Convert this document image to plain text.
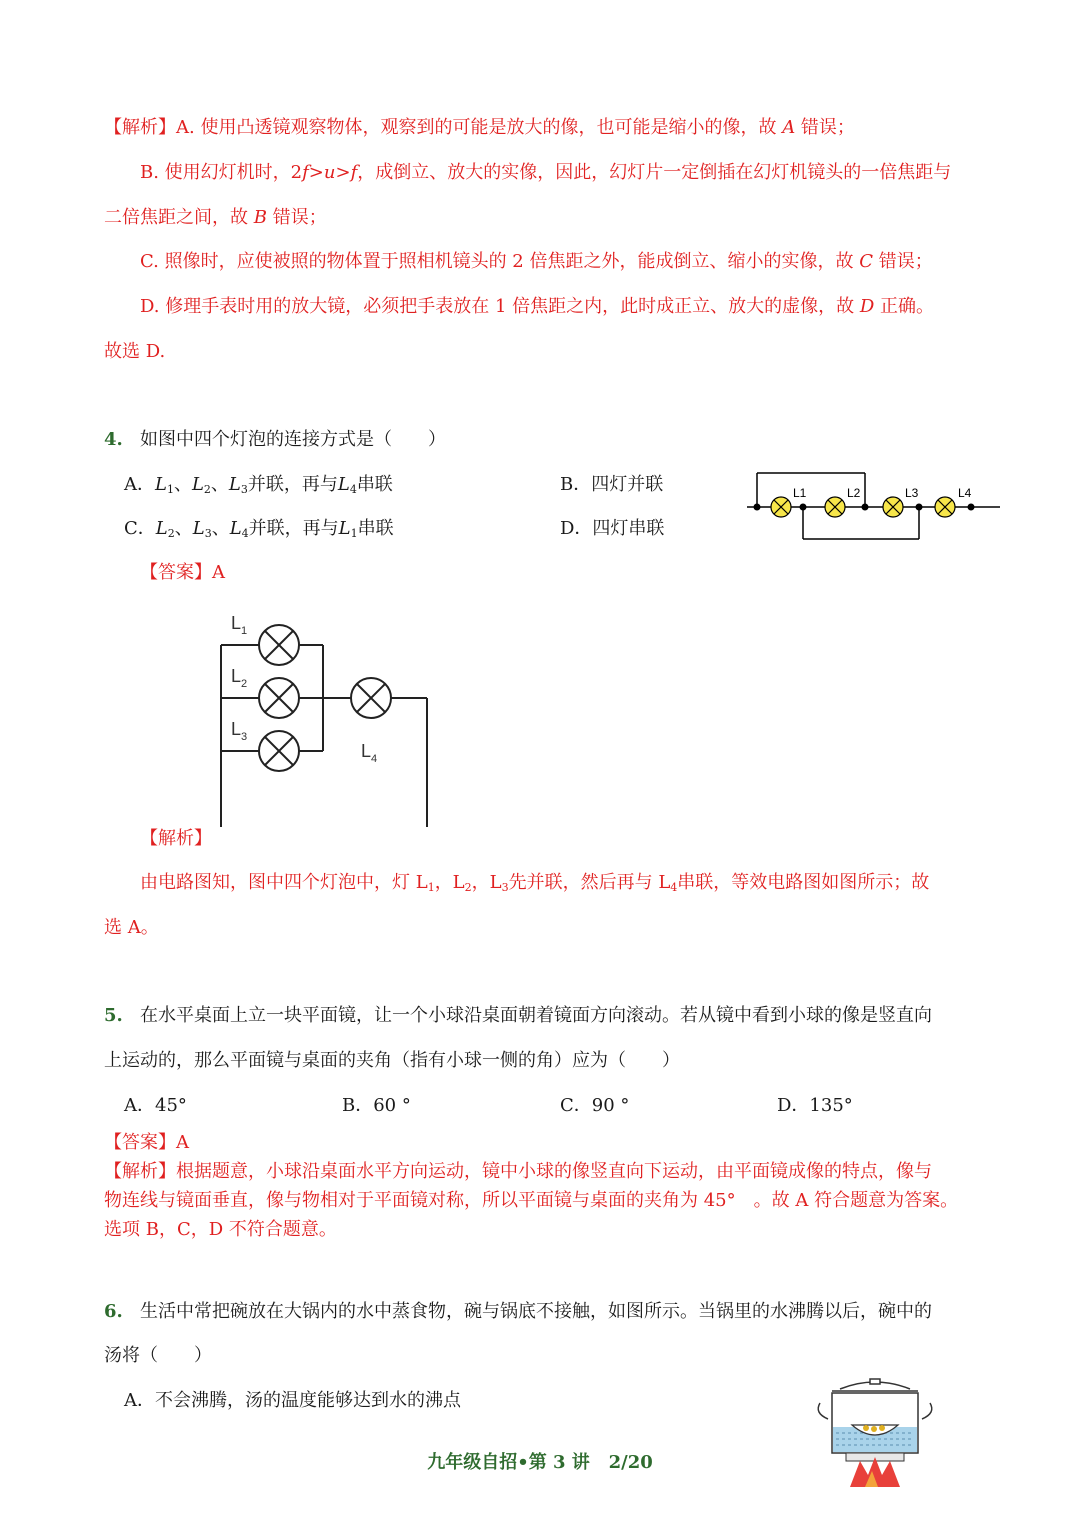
【解析】A. 使用凸透镜观察物体，观察到的可能是放大的像，也可能是缩小的像，故 A 错误；
B. 使用幻灯机时，2f>u>f，成倒立、放大的实像，因此，幻灯片一定倒插在幻灯机镜头的一倍焦距与
二倍焦距之间，故 B 错误；
C. 照像时，应使被照的物体置于照相机镜头的 2 倍焦距之外，能成倒立、缩小的实像，故 C 错误；
D. 修理手表时用的放大镜，必须把手表放在 1 倍焦距之内，此时成正立、放大的虚像，故 D 正确。
故选 D.
4. 如图中四个灯泡的连接方式是（　　）
A．$L_1$、$L_2$、$L_3$并联，再与$L_4$串联	B．四灯并联
C．$L_2$、$L_3$、$L_4$并联，再与$L_1$串联	D．四灯串联
L1	L2	L3	L4
【答案】A
$L_1$
$L_2$
$L_3$
$L_4$
【解析】
由电路图知，图中四个灯泡中，灯 $L_1$，$L_2$，$L_3$先并联，然后再与 $L_4$串联，等效电路图如图所示；故
选 A。
5. 在水平桌面上立一块平面镜，让一个小球沿桌面朝着镜面方向滚动。若从镜中看到小球的像是竖直向
上运动的，那么平面镜与桌面的夹角（指有小球一侧的角）应为（　　）
A．45°	B．60 °	C．90 °	D．135°
【答案】A
【解析】根据题意，小球沿桌面水平方向运动，镜中小球的像竖直向下运动，由平面镜成像的特点，像与
物连线与镜面垂直，像与物相对于平面镜对称，所以平面镜与桌面的夹角为 45°　。故 A 符合题意为答案。
选项 B，C，D 不符合题意。
6. 生活中常把碗放在大锅内的水中蒸食物，碗与锅底不接触，如图所示。当锅里的水沸腾以后，碗中的
汤将（　　）
A．不会沸腾，汤的温度能够达到水的沸点
九年级自招•第 3 讲 2/20
